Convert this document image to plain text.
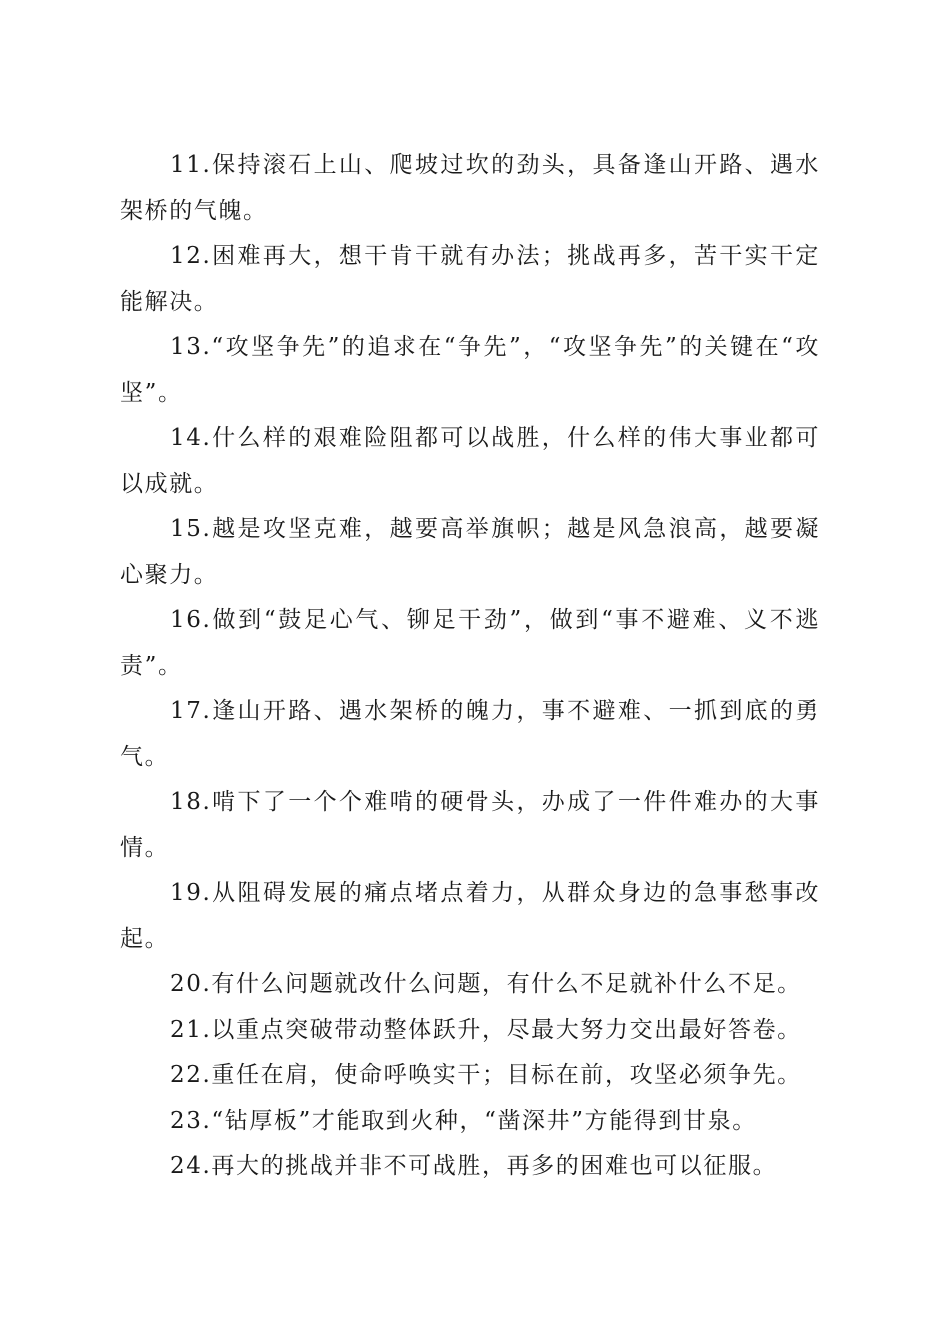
11.保持滚石上山、爬坡过坎的劲头，具备逢山开路、遇水架桥的气魄。

12.困难再大，想干肯干就有办法；挑战再多，苦干实干定能解决。

13.“攻坚争先”的追求在“争先”，“攻坚争先”的关键在“攻坚”。

14.什么样的艰难险阻都可以战胜，什么样的伟大事业都可以成就。

15.越是攻坚克难，越要高举旗帜；越是风急浪高，越要凝心聚力。

16.做到“鼓足心气、铆足干劲”，做到“事不避难、义不逃责”。

17.逢山开路、遇水架桥的魄力，事不避难、一抓到底的勇气。

18.啃下了一个个难啃的硬骨头，办成了一件件难办的大事情。

19.从阻碍发展的痛点堵点着力，从群众身边的急事愁事改起。

20.有什么问题就改什么问题，有什么不足就补什么不足。

21.以重点突破带动整体跃升，尽最大努力交出最好答卷。

22.重任在肩，使命呼唤实干；目标在前，攻坚必须争先。

23.“钻厚板”才能取到火种，“凿深井”方能得到甘泉。

24.再大的挑战并非不可战胜，再多的困难也可以征服。
